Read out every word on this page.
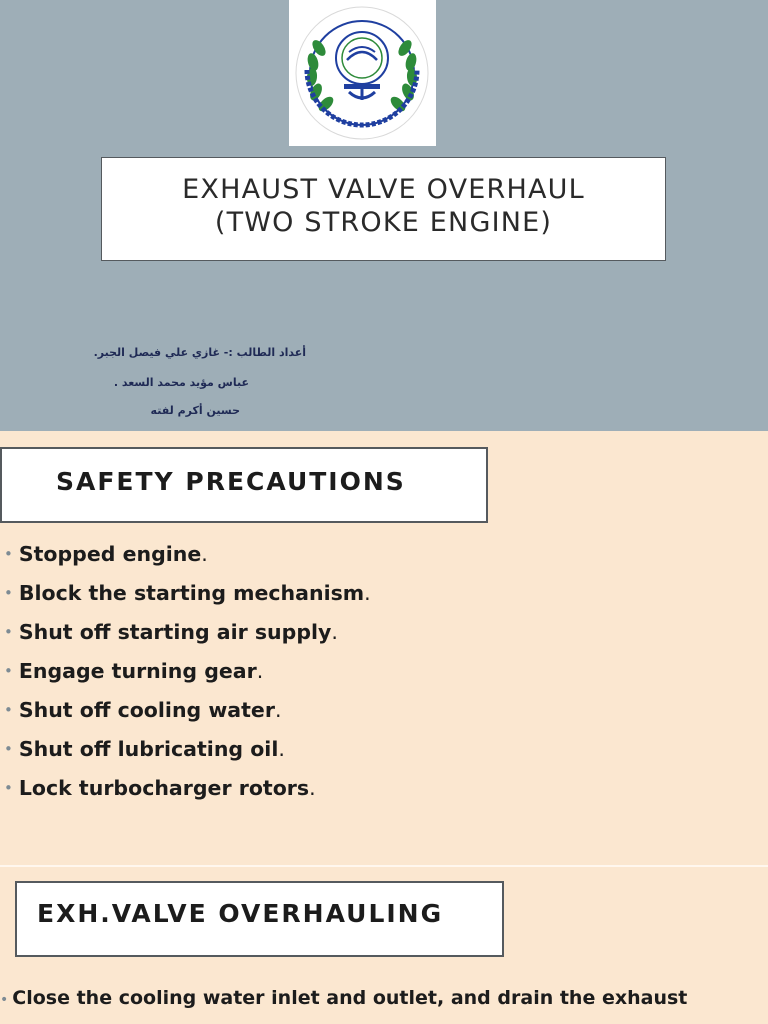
EXHAUST VALVE OVERHAUL
(TWO STROKE ENGINE)
أعداد الطالب :- غازي علي فيصل الجبر.
عباس مؤيد محمد السعد .
حسين أكرم لفته
SAFETY PRECAUTIONS
• Stopped engine.
• Block the starting mechanism.
• Shut off starting air supply.
• Engage turning gear.
• Shut off cooling water.
• Shut off lubricating oil.
• Lock turbocharger rotors.
EXH.VALVE OVERHAULING
• Close the cooling water inlet and outlet, and drain the exhaust
